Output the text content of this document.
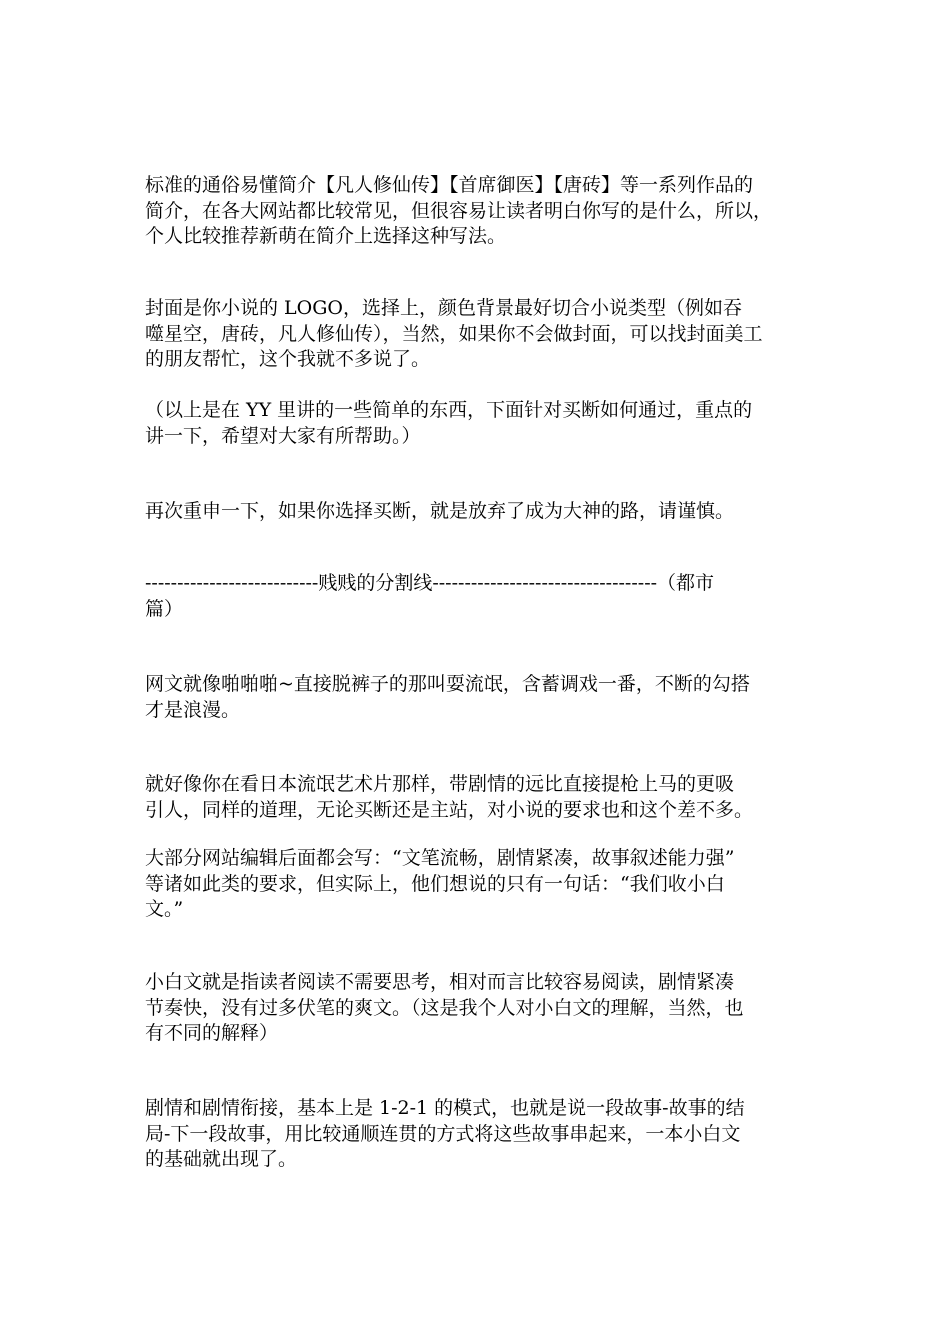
标准的通俗易懂简介【凡人修仙传】【首席御医】【唐砖】等一系列作品的
简介，在各大网站都比较常见，但很容易让读者明白你写的是什么，所以，
个人比较推荐新萌在简介上选择这种写法。

封面是你小说的 LOGO，选择上，颜色背景最好切合小说类型（例如吞
噬星空，唐砖，凡人修仙传），当然，如果你不会做封面，可以找封面美工
的朋友帮忙，这个我就不多说了。

（以上是在 YY 里讲的一些简单的东西，下面针对买断如何通过，重点的
讲一下，希望对大家有所帮助。）

再次重申一下，如果你选择买断，就是放弃了成为大神的路，请谨慎。

---------------------------贱贱的分割线-----------------------------------（都市
篇）

网文就像啪啪啪~直接脱裤子的那叫耍流氓，含蓄调戏一番，不断的勾搭
才是浪漫。

就好像你在看日本流氓艺术片那样，带剧情的远比直接提枪上马的更吸
引人，同样的道理，无论买断还是主站，对小说的要求也和这个差不多。

大部分网站编辑后面都会写：“文笔流畅，剧情紧凑，故事叙述能力强”
等诸如此类的要求，但实际上，他们想说的只有一句话：“我们收小白
文。”

小白文就是指读者阅读不需要思考，相对而言比较容易阅读，剧情紧凑
节奏快，没有过多伏笔的爽文。（这是我个人对小白文的理解，当然，也
有不同的解释）

剧情和剧情衔接，基本上是 1-2-1 的模式，也就是说一段故事-故事的结
局-下一段故事，用比较通顺连贯的方式将这些故事串起来，一本小白文
的基础就出现了。
